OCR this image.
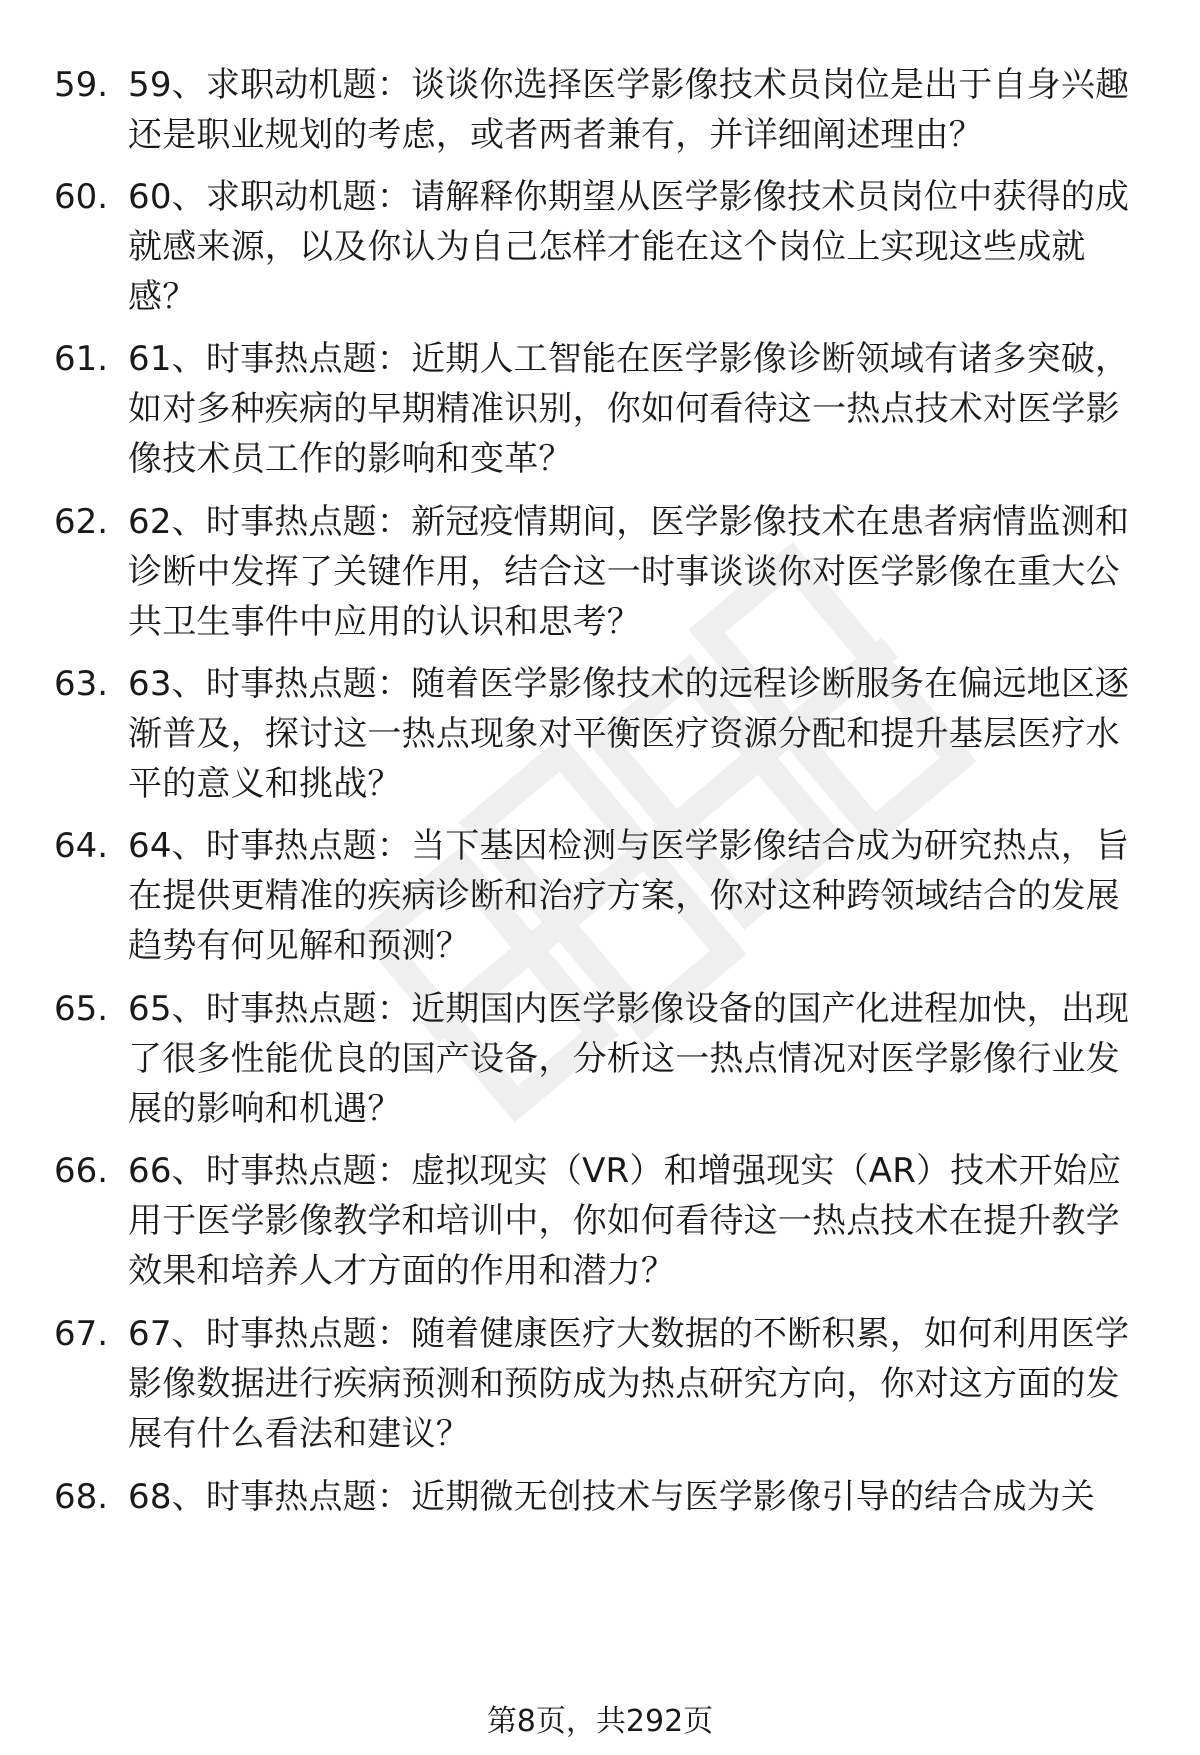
59. 59、求职动机题：谈谈你选择医学影像技术员岗位是出于自身兴趣还是职业规划的考虑，或者两者兼有，并详细阐述理由？
60. 60、求职动机题：请解释你期望从医学影像技术员岗位中获得的成就感来源，以及你认为自己怎样才能在这个岗位上实现这些成就感？
61. 61、时事热点题：近期人工智能在医学影像诊断领域有诸多突破，如对多种疾病的早期精准识别，你如何看待这一热点技术对医学影像技术员工作的影响和变革？
62. 62、时事热点题：新冠疫情期间，医学影像技术在患者病情监测和诊断中发挥了关键作用，结合这一时事谈谈你对医学影像在重大公共卫生事件中应用的认识和思考？
63. 63、时事热点题：随着医学影像技术的远程诊断服务在偏远地区逐渐普及，探讨这一热点现象对平衡医疗资源分配和提升基层医疗水平的意义和挑战？
64. 64、时事热点题：当下基因检测与医学影像结合成为研究热点，旨在提供更精准的疾病诊断和治疗方案，你对这种跨领域结合的发展趋势有何见解和预测？
65. 65、时事热点题：近期国内医学影像设备的国产化进程加快，出现了很多性能优良的国产设备，分析这一热点情况对医学影像行业发展的影响和机遇？
66. 66、时事热点题：虚拟现实（VR）和增强现实（AR）技术开始应用于医学影像教学和培训中，你如何看待这一热点技术在提升教学效果和培养人才方面的作用和潜力？
67. 67、时事热点题：随着健康医疗大数据的不断积累，如何利用医学影像数据进行疾病预测和预防成为热点研究方向，你对这方面的发展有什么看法和建议？
68. 68、时事热点题：近期微无创技术与医学影像引导的结合成为关
第8页，共292页
